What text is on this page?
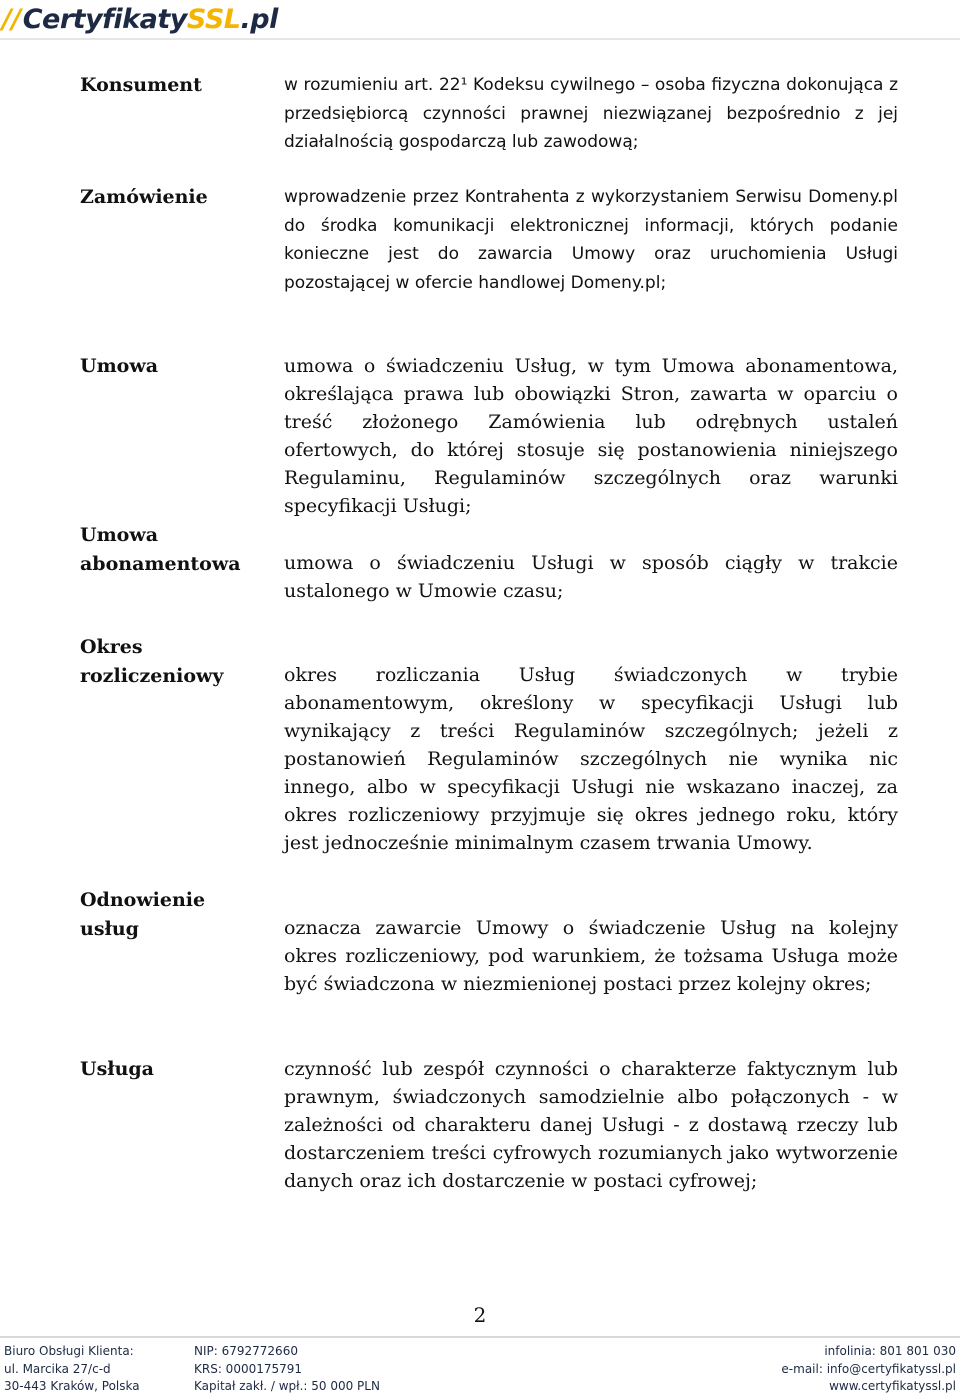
// Certyfikaty SSL .pl
Konsument	w rozumieniu art. 22¹ Kodeksu cywilnego – osoba fizyczna dokonująca z przedsiębiorcą czynności prawnej niezwiązanej bezpośrednio z jej działalnością gospodarczą lub zawodową;
Zamówienie	wprowadzenie przez Kontrahenta z wykorzystaniem Serwisu Domeny.pl do środka komunikacji elektronicznej informacji, których podanie konieczne jest do zawarcia Umowy oraz uruchomienia Usługi pozostającej w ofercie handlowej Domeny.pl;
Umowa	umowa o świadczeniu Usług, w tym Umowa abonamentowa, określająca prawa lub obowiązki Stron, zawarta w oparciu o treść złożonego Zamówienia lub odrębnych ustaleń ofertowych, do której stosuje się postanowienia niniejszego Regulaminu, Regulaminów szczególnych oraz warunki specyfikacji Usługi;
Umowa abonamentowa	umowa o świadczeniu Usługi w sposób ciągły w trakcie ustalonego w Umowie czasu;
Okres rozliczeniowy	okres rozliczania Usług świadczonych w trybie abonamentowym, określony w specyfikacji Usługi lub wynikający z treści Regulaminów szczególnych; jeżeli z postanowień Regulaminów szczególnych nie wynika nic innego, albo w specyfikacji Usługi nie wskazano inaczej, za okres rozliczeniowy przyjmuje się okres jednego roku, który jest jednocześnie minimalnym czasem trwania Umowy.
Odnowienie usług	oznacza zawarcie Umowy o świadczenie Usług na kolejny okres rozliczeniowy, pod warunkiem, że tożsama Usługa może być świadczona w niezmienionej postaci przez kolejny okres;
Usługa	czynność lub zespół czynności o charakterze faktycznym lub prawnym, świadczonych samodzielnie albo połączonych - w zależności od charakteru danej Usługi - z dostawą rzeczy lub dostarczeniem treści cyfrowych rozumianych jako wytworzenie danych oraz ich dostarczenie w postaci cyfrowej;
2
Biuro Obsługi Klienta:
ul. Marcika 27/c-d
30-443 Kraków, Polska
NIP: 6792772660
KRS: 0000175791
Kapitał zakł. / wpł.: 50 000 PLN
infolinia: 801 801 030
e-mail: info@certyfikatyssl.pl
www.certyfikatyssl.pl
